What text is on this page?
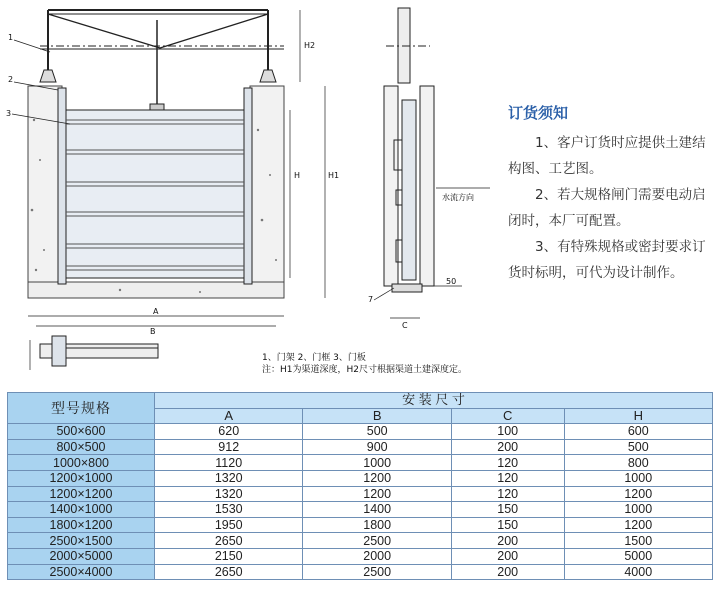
1
2
3
7
H2
H1
H
A
B
C
50
水流方向
1、门架 2、门框 3、门板
注：H1为渠道深度，H2尺寸根据渠道土建深度定。
订货须知

1、客户订货时应提供土建结构图、工艺图。

2、若大规格闸门需要电动启闭时，本厂可配置。

3、有特殊规格或密封要求订货时标明，可代为设计制作。

型号规格	安 装 尺 寸			
	A	B	C	H
500×600	620	500	100	600
800×500	912	900	200	500
1000×800	1120	1000	120	800
1200×1000	1320	1200	120	1000
1200×1200	1320	1200	120	1200
1400×1000	1530	1400	150	1000
1800×1200	1950	1800	150	1200
2500×1500	2650	2500	200	1500
2000×5000	2150	2000	200	5000
2500×4000	2650	2500	200	4000
